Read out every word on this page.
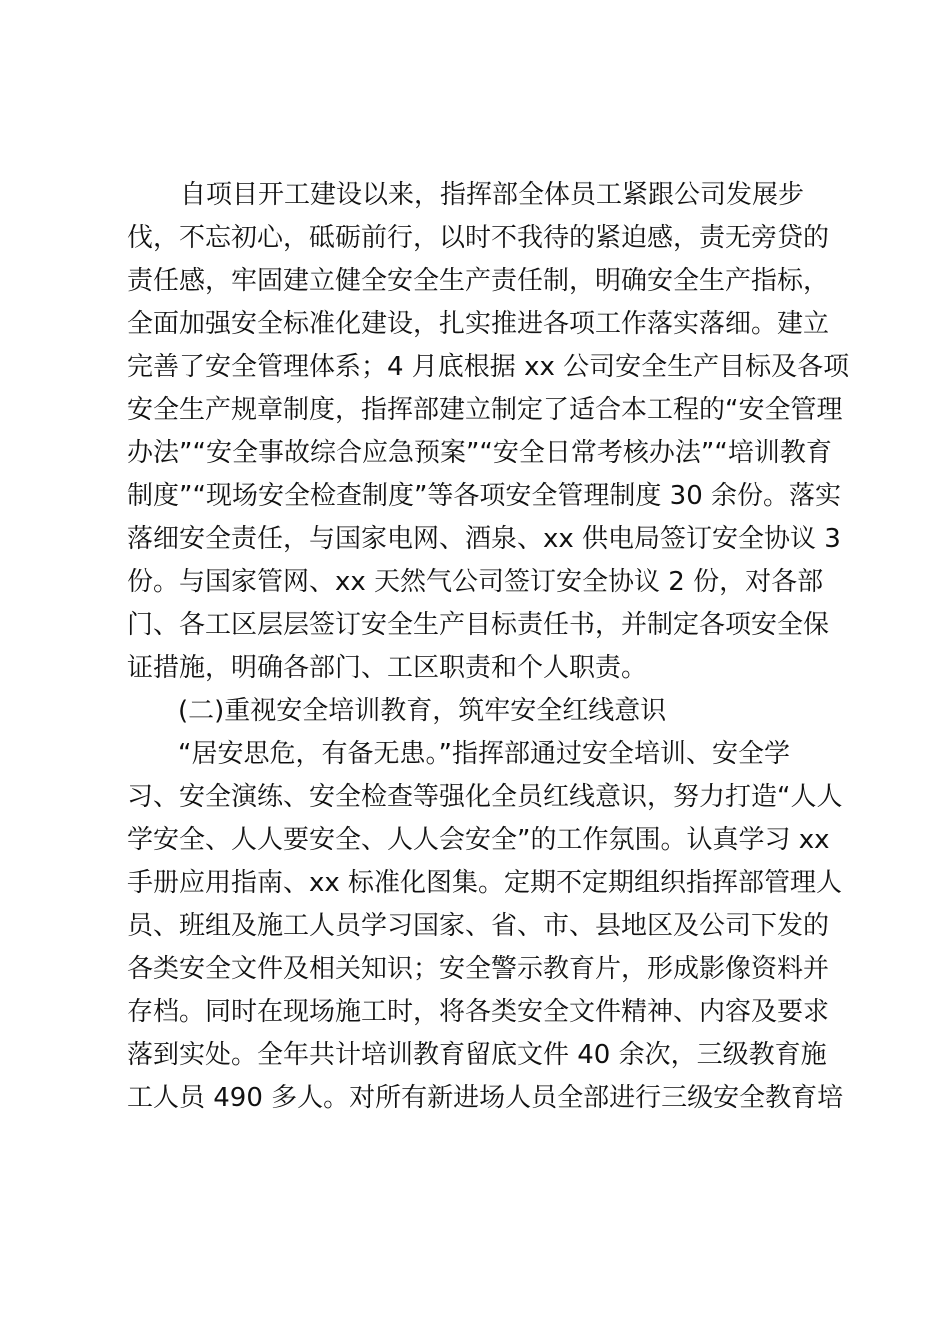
自项目开工建设以来，指挥部全体员工紧跟公司发展步
伐，不忘初心，砥砺前行，以时不我待的紧迫感，责无旁贷的
责任感，牢固建立健全安全生产责任制，明确安全生产指标，
全面加强安全标准化建设，扎实推进各项工作落实落细。建立
完善了安全管理体系；4 月底根据 xx 公司安全生产目标及各项
安全生产规章制度，指挥部建立制定了适合本工程的“安全管理
办法”“安全事故综合应急预案”“安全日常考核办法”“培训教育
制度”“现场安全检查制度”等各项安全管理制度 30 余份。落实
落细安全责任，与国家电网、酒泉、xx 供电局签订安全协议 3
份。与国家管网、xx 天然气公司签订安全协议 2 份，对各部
门、各工区层层签订安全生产目标责任书，并制定各项安全保
证措施，明确各部门、工区职责和个人职责。
(二)重视安全培训教育，筑牢安全红线意识
“居安思危，有备无患。”指挥部通过安全培训、安全学
习、安全演练、安全检查等强化全员红线意识，努力打造“人人
学安全、人人要安全、人人会安全”的工作氛围。认真学习 xx
手册应用指南、xx 标准化图集。定期不定期组织指挥部管理人
员、班组及施工人员学习国家、省、市、县地区及公司下发的
各类安全文件及相关知识；安全警示教育片，形成影像资料并
存档。同时在现场施工时，将各类安全文件精神、内容及要求
落到实处。全年共计培训教育留底文件 40 余次，三级教育施
工人员 490 多人。对所有新进场人员全部进行三级安全教育培
